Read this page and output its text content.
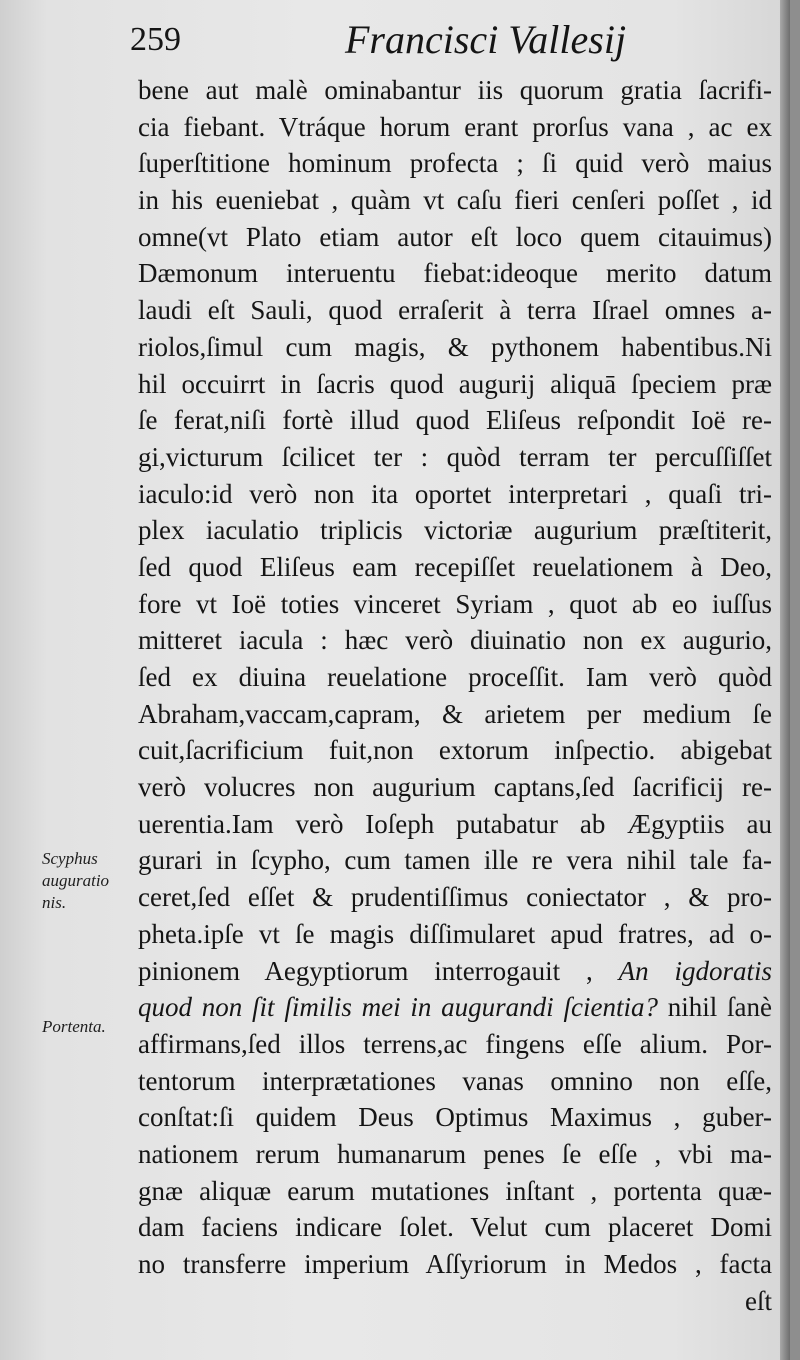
259	Francisci Vallesij
Scyphus
auguratio
nis.
Portenta.
bene aut malè ominabantur iis quorum gratia ſacrifi-
cia fiebant. Vtráque horum erant prorſus vana , ac ex
ſuperſtitione hominum profecta ; ſi quid verò maius
in his eueniebat , quàm vt caſu fieri cenſeri poſſet , id
omne(vt Plato etiam autor eſt loco quem citauimus)
Dæmonum interuentu fiebat:ideoque merito datum
laudi eſt Sauli, quod erraſerit à terra Iſrael omnes a-
riolos,ſimul cum magis, & pythonem habentibus.Ni
hil occuirrt in ſacris quod augurij aliquā ſpeciem præ
ſe ferat,niſi fortè illud quod Eliſeus reſpondit Ioë re-
gi,victurum ſcilicet ter : quòd terram ter percuſſiſſet
iaculo:id verò non ita oportet interpretari , quaſi tri-
plex iaculatio triplicis victoriæ augurium præſtiterit,
ſed quod Eliſeus eam recepiſſet reuelationem à Deo,
fore vt Ioë toties vinceret Syriam , quot ab eo iuſſus
mitteret iacula : hæc verò diuinatio non ex augurio,
ſed ex diuina reuelatione proceſſit. Iam verò quòd
Abraham,vaccam,capram, & arietem per medium ſe
cuit,ſacrificium fuit,non extorum inſpectio. abigebat
verò volucres non augurium captans,ſed ſacrificij re-
uerentia.Iam verò Ioſeph putabatur ab Ægyptiis au
gurari in ſcypho, cum tamen ille re vera nihil tale fa-
ceret,ſed eſſet & prudentiſſimus coniectator , & pro-
pheta.ipſe vt ſe magis diſſimularet apud fratres, ad o-
pinionem Aegyptiorum interrogauit , An igdoratis
quod non ſit ſimilis mei in augurandi ſcientia? nihil ſanè
affirmans,ſed illos terrens,ac fingens eſſe alium. Por-
tentorum interprætationes vanas omnino non eſſe,
conſtat:ſi quidem Deus Optimus Maximus , guber-
nationem rerum humanarum penes ſe eſſe , vbi ma-
gnæ aliquæ earum mutationes inſtant , portenta quæ-
dam faciens indicare ſolet. Velut cum placeret Domi
no transferre imperium Aſſyriorum in Medos , facta
eſt
